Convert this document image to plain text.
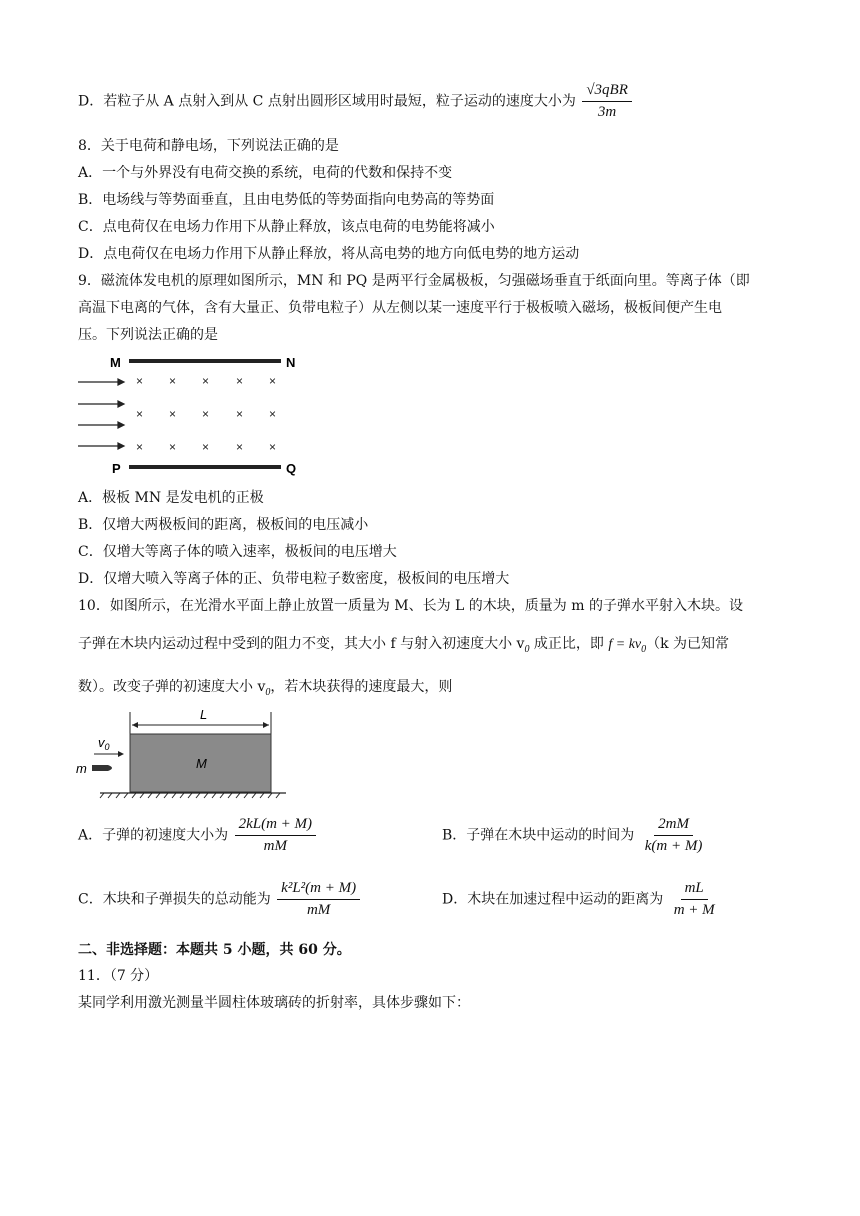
D．若粒子从 A 点射入到从 C 点射出圆形区域用时最短，粒子运动的速度大小为 $\frac{\text{√3qBR}}{3m}$
8．关于电荷和静电场，下列说法正确的是
A．一个与外界没有电荷交换的系统，电荷的代数和保持不变
B．电场线与等势面垂直，且由电势低的等势面指向电势高的等势面
C．点电荷仅在电场力作用下从静止释放，该点电荷的电势能将减小
D．点电荷仅在电场力作用下从静止释放，将从高电势的地方向低电势的地方运动
9．磁流体发电机的原理如图所示，MN 和 PQ 是两平行金属极板，匀强磁场垂直于纸面向里。等离子体（即
高温下电离的气体，含有大量正、负带电粒子）从左侧以某一速度平行于极板喷入磁场，极板间便产生电
压。下列说法正确的是
M	N
× × × × ×
× × × × ×
× × × × ×
P	Q
A．极板 MN 是发电机的正极
B．仅增大两极板间的距离，极板间的电压减小
C．仅增大等离子体的喷入速率，极板间的电压增大
D．仅增大喷入等离子体的正、负带电粒子数密度，极板间的电压增大
10．如图所示，在光滑水平面上静止放置一质量为 M、长为 L 的木块，质量为 m 的子弹水平射入木块。设
子弹在木块内运动过程中受到的阻力不变，其大小 f 与射入初速度大小 $v_0$ 成正比，即 $f = kv_0(k$ 为已知常
数）。改变子弹的初速度大小 $v_0$，若木块获得的速度最大，则
L
M
$v_0$
m
A．子弹的初速度大小为 $\frac{2kL(m + M)}{mM}$	B．子弹在木块中运动的时间为 $\frac{2mM}{k(m + M)}$
C．木块和子弹损失的总动能为 $\frac{\text{k²L²(m + M)}}{mM}$	D．木块在加速过程中运动的距离为 $\frac{mL}{m + M}$
二、非选择题：本题共 5 小题，共 60 分。
11．（7 分）
某同学利用激光测量半圆柱体玻璃砖的折射率，具体步骤如下：
